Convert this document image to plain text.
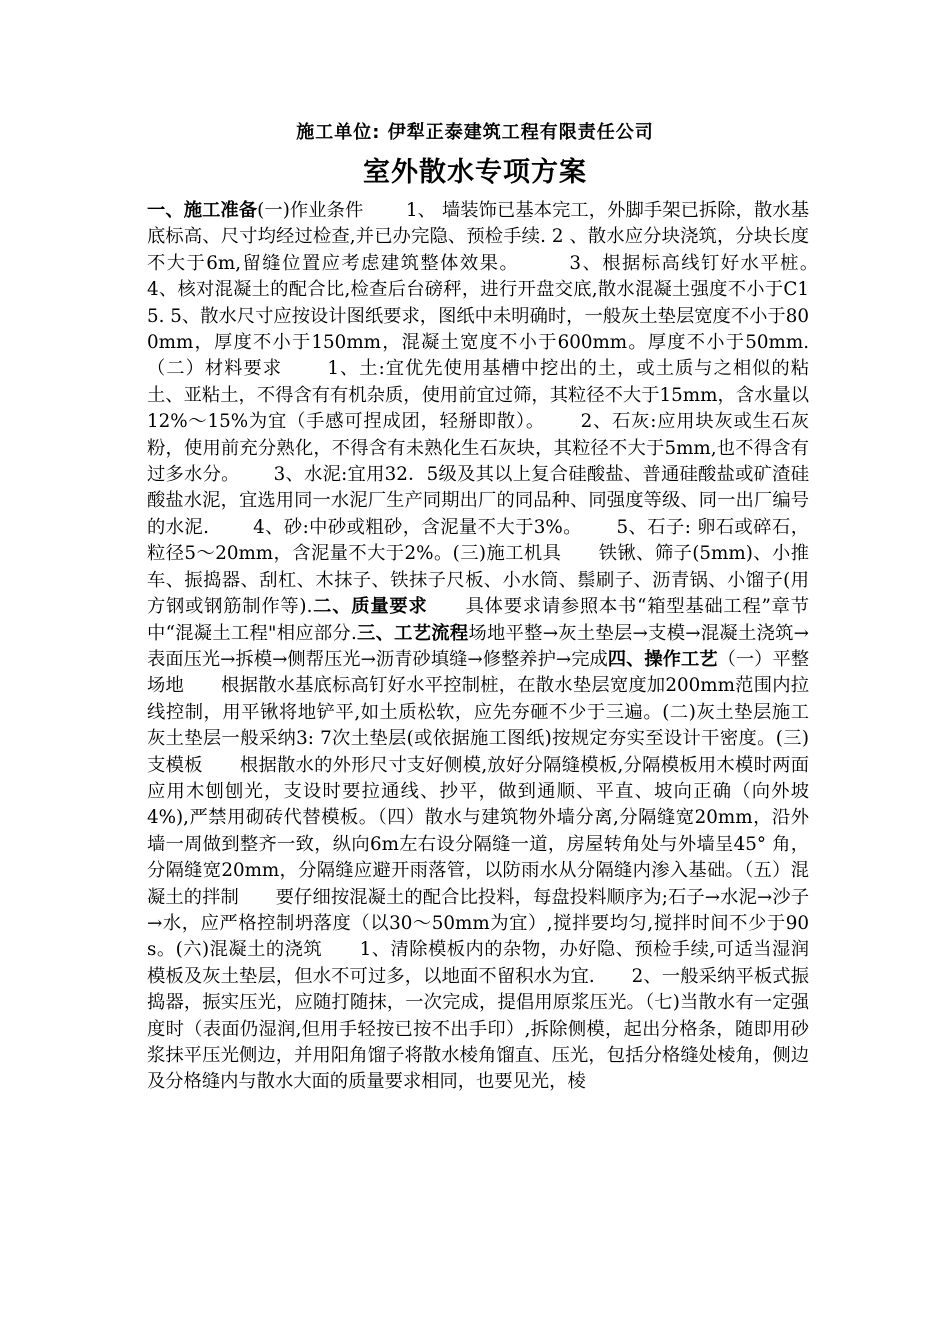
施工单位: 伊犁正泰建筑工程有限责任公司
室外散水专项方案
一、施工准备(一)作业条件　　 1、 墙装饰已基本完工，外脚手架已拆除，散水基底标高、尺寸均经过检查,并已办完隐、预检手续. 2 、散水应分块浇筑，分块长度不大于6m,留缝位置应考虑建筑整体效果。　　　3、根据标高线钉好水平桩。　　　 4、核对混凝土的配合比,检查后台磅秤，进行开盘交底,散水混凝土强度不小于C15. 5、散水尺寸应按设计图纸要求，图纸中未明确时，一般灰土垫层宽度不小于800mm，厚度不小于150mm，混凝土宽度不小于600mm。厚度不小于50mm.（二）材料要求　　 1、土:宜优先使用基槽中挖出的土，或土质与之相似的粘土、亚粘土，不得含有有机杂质，使用前宜过筛，其粒径不大于15mm，含水量以12%～15%为宜（手感可捏成团，轻掰即散）。　　 2、石灰:应用块灰或生石灰粉，使用前充分熟化，不得含有未熟化生石灰块，其粒径不大于5mm,也不得含有过多水分。　　 3、水泥:宜用32．5级及其以上复合硅酸盐、普通硅酸盐或矿渣硅酸盐水泥，宜选用同一水泥厂生产同期出厂的同品种、同强度等级、同一出厂编号的水泥.　　 4、砂:中砂或粗砂，含泥量不大于3%。　　 5、石子: 卵石或碎石，粒径5～20mm，含泥量不大于2%。(三)施工机具　　铁锹、筛子(5mm)、小推车、振捣器、刮杠、木抹子、铁抹子尺板、小水筒、鬃刷子、沥青锅、小馏子(用方钢或钢筋制作等).二、质量要求　　具体要求请参照本书“箱型基础工程”章节中“混凝土工程"相应部分.三、工艺流程场地平整→灰土垫层→支模→混凝土浇筑→表面压光→拆模→侧帮压光→沥青砂填缝→修整养护→完成四、操作工艺（一）平整场地　　根据散水基底标高钉好水平控制桩，在散水垫层宽度加200mm范围内拉线控制，用平锹将地铲平,如土质松软，应先夯砸不少于三遍。(二)灰土垫层施工　　灰土垫层一般采纳3: 7次土垫层(或依据施工图纸)按规定夯实至设计干密度。(三)支模板　　根据散水的外形尺寸支好侧模,放好分隔缝模板,分隔模板用木模时两面应用木刨刨光，支设时要拉通线、抄平，做到通顺、平直、坡向正确（向外坡4%),严禁用砌砖代替模板。（四）散水与建筑物外墙分离,分隔缝宽20mm，沿外墙一周做到整齐一致，纵向6m左右设分隔缝一道，房屋转角处与外墙呈45° 角，分隔缝宽20mm，分隔缝应避开雨落管，以防雨水从分隔缝内渗入基础。（五）混凝土的拌制　　要仔细按混凝土的配合比投料，每盘投料顺序为;石子→水泥→沙子→水，应严格控制坍落度（以30～50mm为宜）,搅拌要均匀,搅拌时间不少于90s。(六)混凝土的浇筑　　1、清除模板内的杂物，办好隐、预检手续,可适当湿润模板及灰土垫层，但水不可过多，以地面不留积水为宜.　　2、一般采纳平板式振捣器，振实压光，应随打随抹，一次完成，提倡用原浆压光。（七)当散水有一定强度时（表面仍湿润,但用手轻按已按不出手印）,拆除侧模，起出分格条，随即用砂浆抹平压光侧边，并用阳角馏子将散水棱角馏直、压光，包括分格缝处棱角，侧边及分格缝内与散水大面的质量要求相同，也要见光，棱
